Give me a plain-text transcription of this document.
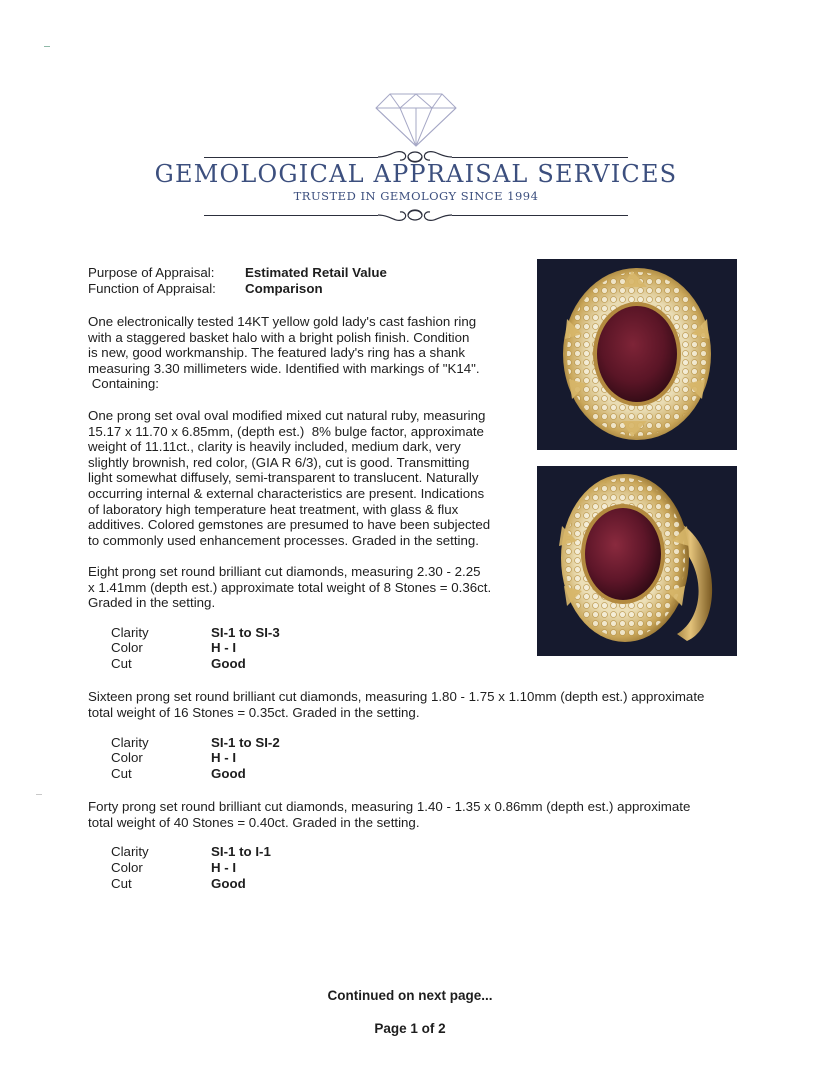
GEMOLOGICAL APPRAISAL SERVICES
TRUSTED IN GEMOLOGY SINCE 1994
Purpose of Appraisal: Estimated Retail Value
Function of Appraisal: Comparison
One electronically tested 14KT yellow gold lady's cast fashion ring
with a staggered basket halo with a bright polish finish. Condition
is new, good workmanship. The featured lady's ring has a shank
measuring 3.30 millimeters wide. Identified with markings of "K14".
Containing:
One prong set oval oval modified mixed cut natural ruby, measuring
15.17 x 11.70 x 6.85mm, (depth est.)  8% bulge factor, approximate
weight of 11.11ct., clarity is heavily included, medium dark, very
slightly brownish, red color, (GIA R 6/3), cut is good. Transmitting
light somewhat diffusely, semi-transparent to translucent. Naturally
occurring internal & external characteristics are present. Indications
of laboratory high temperature heat treatment, with glass & flux
additives. Colored gemstones are presumed to have been subjected
to commonly used enhancement processes. Graded in the setting.
Eight prong set round brilliant cut diamonds, measuring 2.30 - 2.25
x 1.41mm (depth est.) approximate total weight of 8 Stones = 0.36ct.
Graded in the setting.
Clarity	SI-1 to SI-3
Color	H - I
Cut	Good
Sixteen prong set round brilliant cut diamonds, measuring 1.80 - 1.75 x 1.10mm (depth est.) approximate
total weight of 16 Stones = 0.35ct. Graded in the setting.
Clarity	SI-1 to SI-2
Color	H - I
Cut	Good
Forty prong set round brilliant cut diamonds, measuring 1.40 - 1.35 x 0.86mm (depth est.) approximate
total weight of 40 Stones = 0.40ct. Graded in the setting.
Clarity	SI-1 to I-1
Color	H - I
Cut	Good
Continued on next page...
Page 1 of 2
